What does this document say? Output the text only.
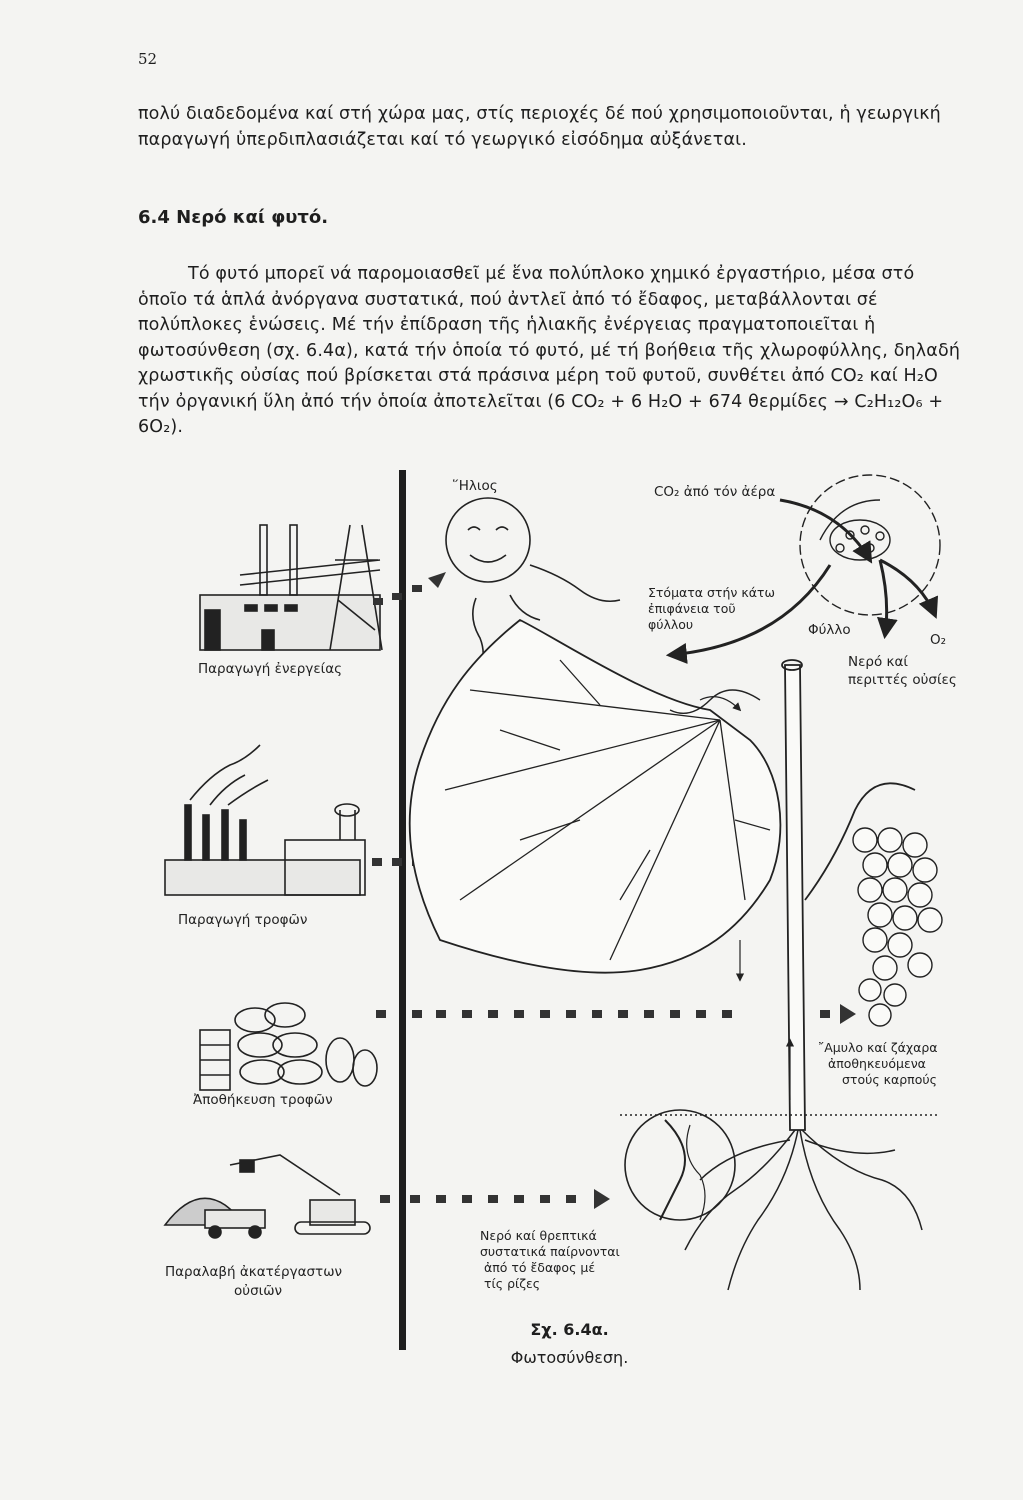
52
πολύ διαδεδομένα καί στή χώρα μας, στίς περιοχές δέ πού χρησιμοποιοῦνται, ἡ γεωργική παραγωγή ὑπερδιπλασιάζεται καί τό γεωργικό εἰσόδημα αὐξάνεται.
6.4 Νερό καί φυτό.
Τό φυτό μπορεῖ νά παρομοιασθεῖ μέ ἕνα πολύπλοκο χημικό ἐργαστήριο, μέσα στό ὁποῖο τά ἁπλά ἀνόργανα συστατικά, πού ἀντλεῖ ἀπό τό ἔδαφος, μεταβάλλονται σέ πολύπλοκες ἑνώσεις. Μέ τήν ἐπίδραση τῆς ἡλιακῆς ἐνέργειας πραγματοποιεῖται ἡ φωτοσύνθεση (σχ. 6.4α), κατά τήν ὁποία τό φυτό, μέ τή βοήθεια τῆς χλωροφύλλης, δηλαδή χρωστικῆς οὐσίας πού βρίσκεται στά πράσινα μέρη τοῦ φυτοῦ, συνθέτει ἀπό CO₂ καί H₂O τήν ὀργανική ὕλη ἀπό τήν ὁποία ἀποτελεῖται (6 CO₂ + 6 H₂O + 674 θερμίδες → C₂H₁₂O₆ + 6O₂).
Παραγωγή ἐνεργείας
Παραγωγή τροφῶν
Ἀποθήκευση τροφῶν
Παραλαβή ἀκατέργαστων
οὐσιῶν
῞Ηλιος	CO₂ ἀπό τόν ἀέρα
Στόματα στήν κάτω
ἐπιφάνεια τοῦ
φύλλου	Φύλλο
O₂
Νερό καί
περιττές οὐσίες
῎Αμυλο καί ζάχαρα
ἀποθηκευόμενα
στούς καρπούς
Νερό καί θρεπτικά
συστατικά παίρνονται
ἀπό τό ἔδαφος μέ
τίς ρίζες
Σχ. 6.4α.
Φωτοσύνθεση.
